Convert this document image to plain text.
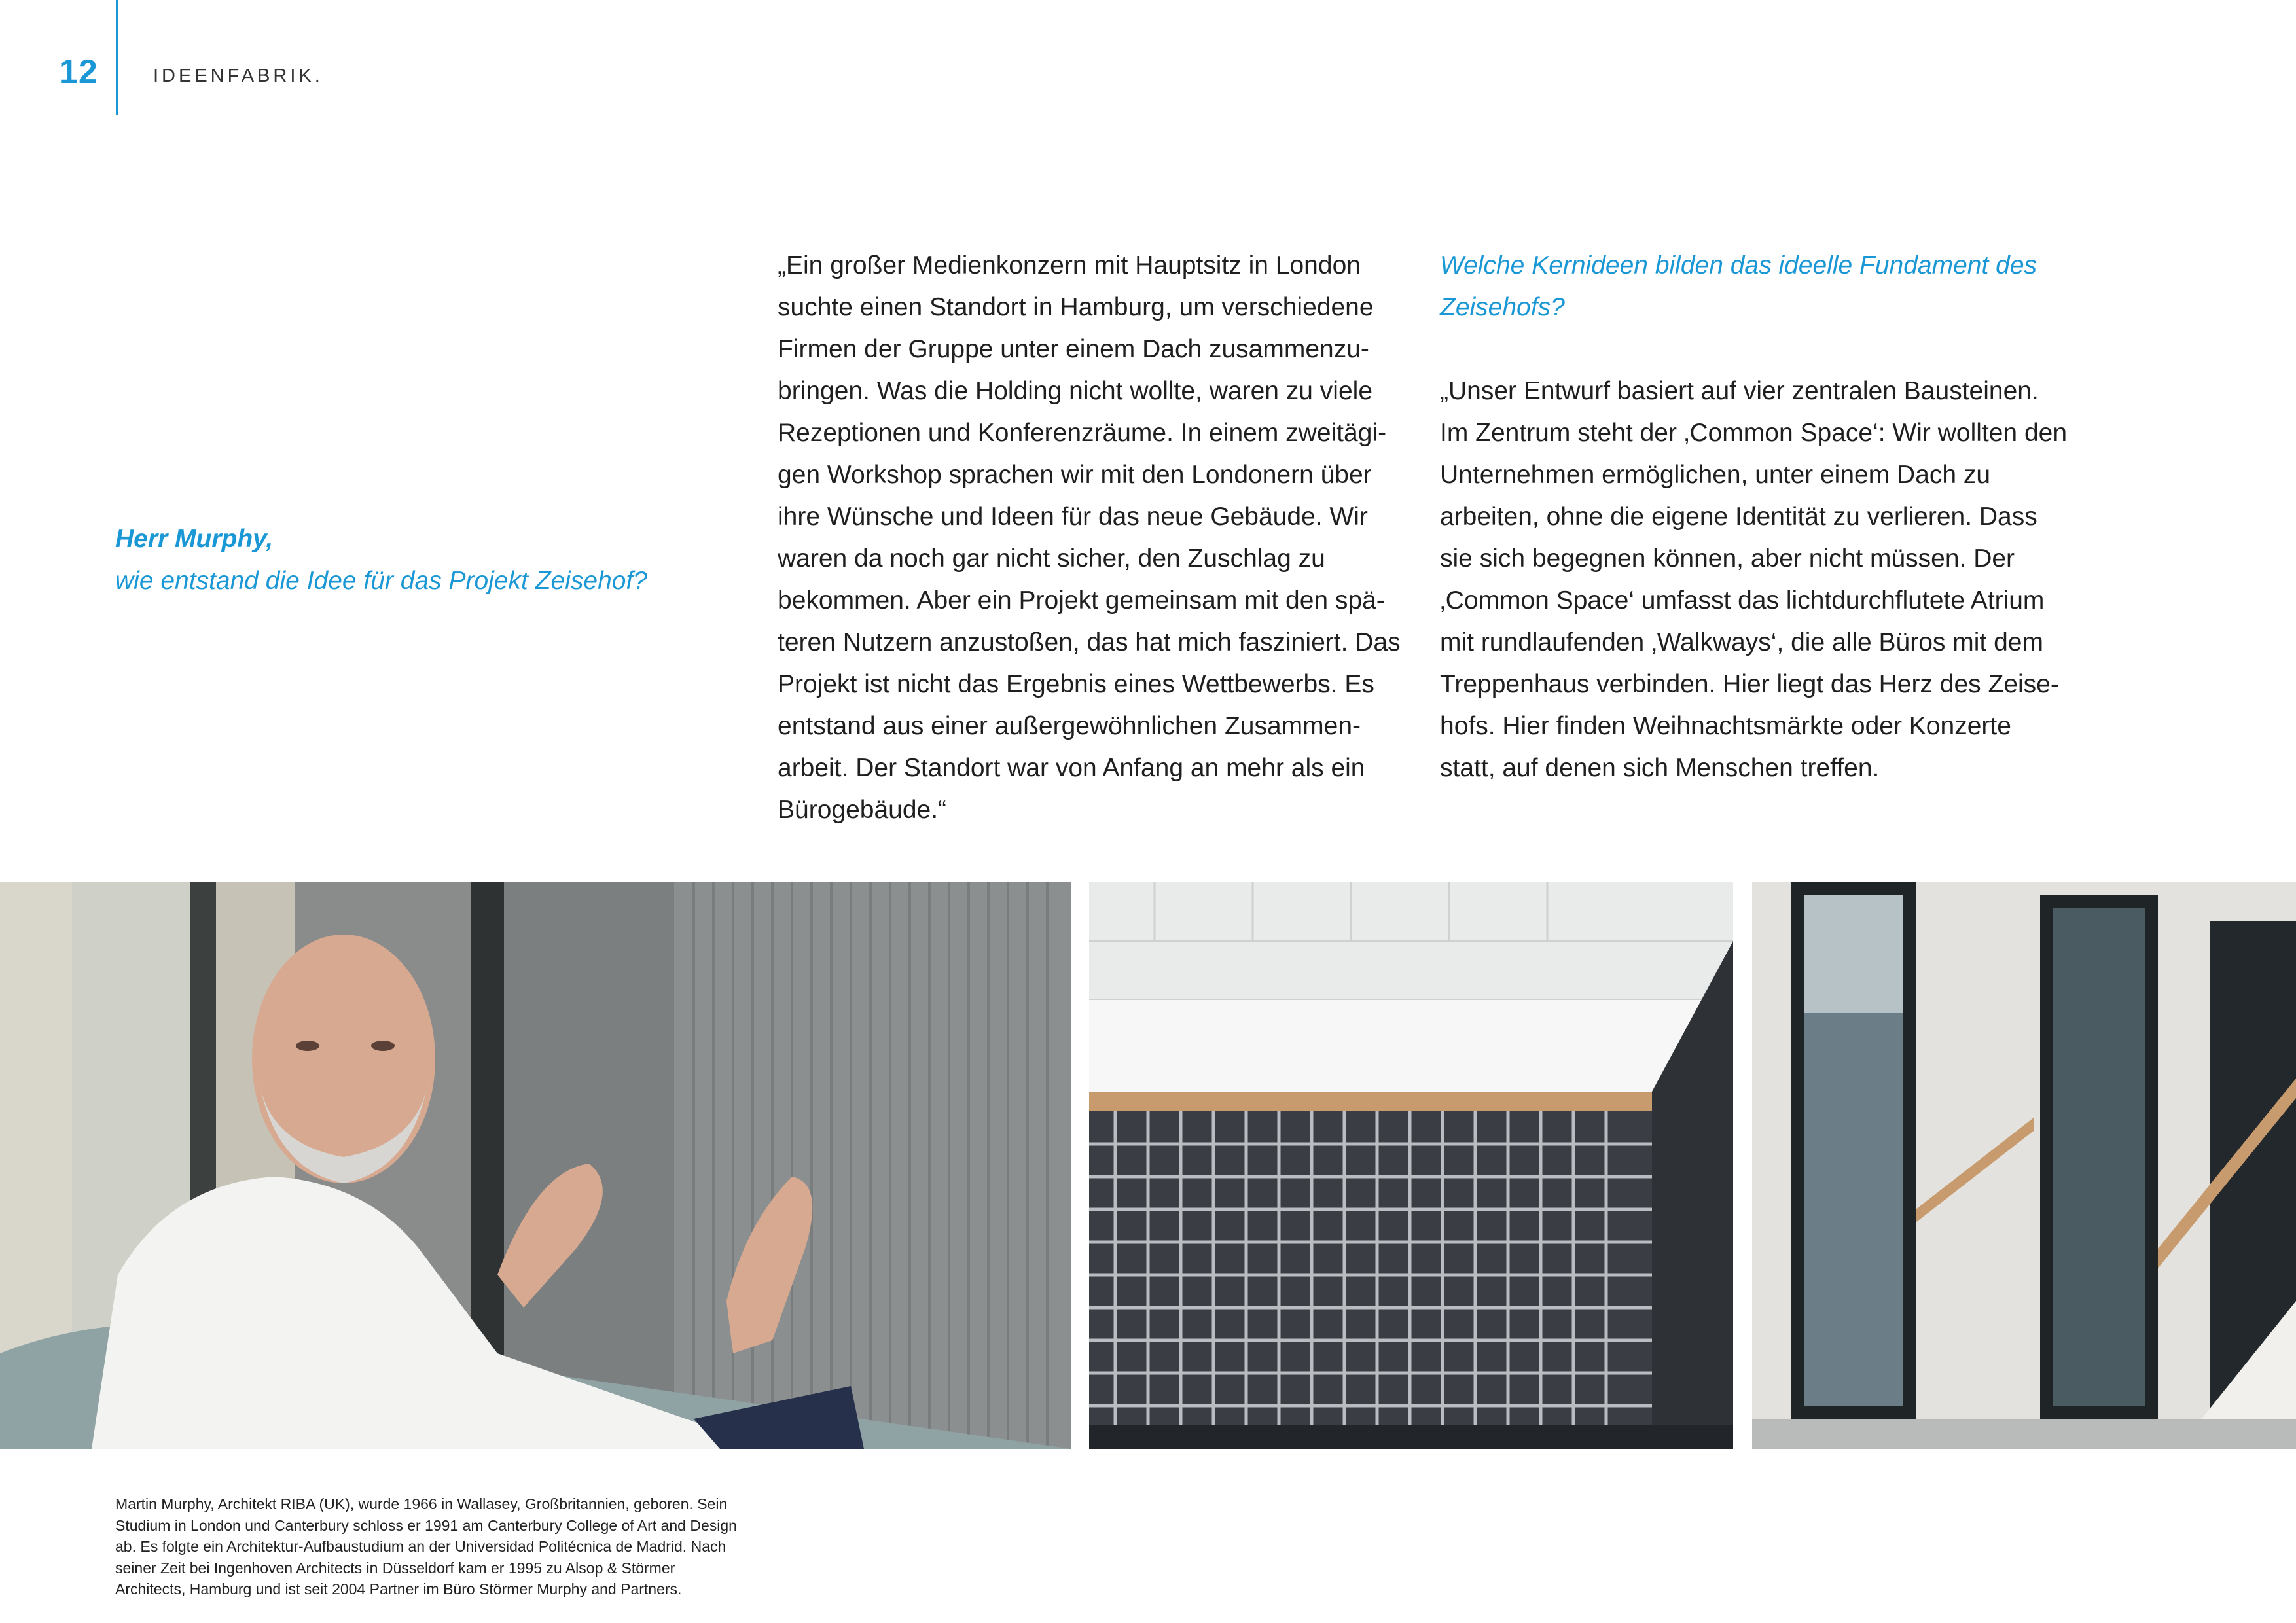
12	IDEENFABRIK.
Herr Murphy,
wie entstand die Idee für das Projekt Zeisehof?

„Ein großer Medienkonzern mit Hauptsitz in London suchte einen Standort in Hamburg, um verschiedene Firmen der Gruppe unter einem Dach zusammenzubringen. Was die Holding nicht wollte, waren zu viele Rezeptionen und Konferenzräume. In einem zweitägigen Workshop sprachen wir mit den Londonern über ihre Wünsche und Ideen für das neue Gebäude. Wir waren da noch gar nicht sicher, den Zuschlag zu bekommen. Aber ein Projekt gemeinsam mit den späteren Nutzern anzustoßen, das hat mich fasziniert. Das Projekt ist nicht das Ergebnis eines Wettbewerbs. Es entstand aus einer außergewöhnlichen Zusammenarbeit. Der Standort war von Anfang an mehr als ein Bürogebäude.“

Welche Kernideen bilden das ideelle Fundament des Zeisehofs?

„Unser Entwurf basiert auf vier zentralen Bausteinen. Im Zentrum steht der ‚Common Space‘: Wir wollten den Unternehmen ermöglichen, unter einem Dach zu arbeiten, ohne die eigene Identität zu verlieren. Dass sie sich begegnen können, aber nicht müssen. Der ‚Common Space‘ umfasst das lichtdurchflutete Atrium mit rundlaufenden ‚Walkways‘, die alle Büros mit dem Treppenhaus verbinden. Hier liegt das Herz des Zeisehofs. Hier finden Weihnachtsmärkte oder Konzerte statt, auf denen sich Menschen treffen.

Martin Murphy, Architekt RIBA (UK), wurde 1966 in Wallasey, Großbritannien, geboren. Sein Studium in London und Canterbury schloss er 1991 am Canterbury College of Art and Design ab. Es folgte ein Architektur-Aufbaustudium an der Universidad Politécnica de Madrid. Nach seiner Zeit bei Ingenhoven Architects in Düsseldorf kam er 1995 zu Alsop & Störmer Architects, Hamburg und ist seit 2004 Partner im Büro Störmer Murphy and Partners.
